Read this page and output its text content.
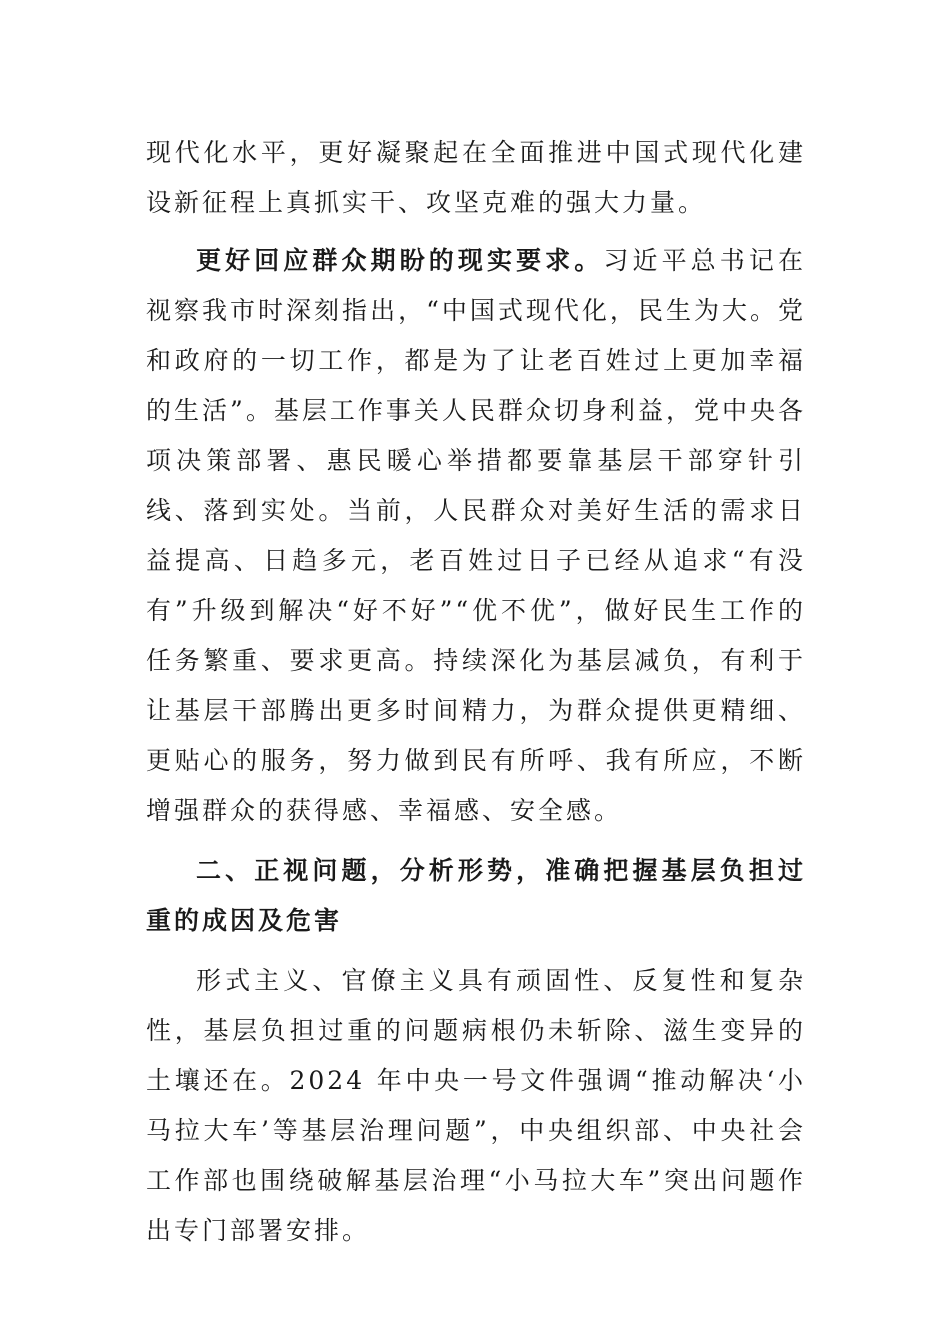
现代化水平，更好凝聚起在全面推进中国式现代化建设新征程上真抓实干、攻坚克难的强大力量。

更好回应群众期盼的现实要求。习近平总书记在视察我市时深刻指出，“中国式现代化，民生为大。党和政府的一切工作，都是为了让老百姓过上更加幸福的生活”。基层工作事关人民群众切身利益，党中央各项决策部署、惠民暖心举措都要靠基层干部穿针引线、落到实处。当前，人民群众对美好生活的需求日益提高、日趋多元，老百姓过日子已经从追求“有没有”升级到解决“好不好”“优不优”，做好民生工作的任务繁重、要求更高。持续深化为基层减负，有利于让基层干部腾出更多时间精力，为群众提供更精细、更贴心的服务，努力做到民有所呼、我有所应，不断增强群众的获得感、幸福感、安全感。

二、正视问题，分析形势，准确把握基层负担过重的成因及危害

形式主义、官僚主义具有顽固性、反复性和复杂性，基层负担过重的问题病根仍未斩除、滋生变异的土壤还在。2024 年中央一号文件强调“推动解决‘小马拉大车’等基层治理问题”，中央组织部、中央社会工作部也围绕破解基层治理“小马拉大车”突出问题作出专门部署安排。
